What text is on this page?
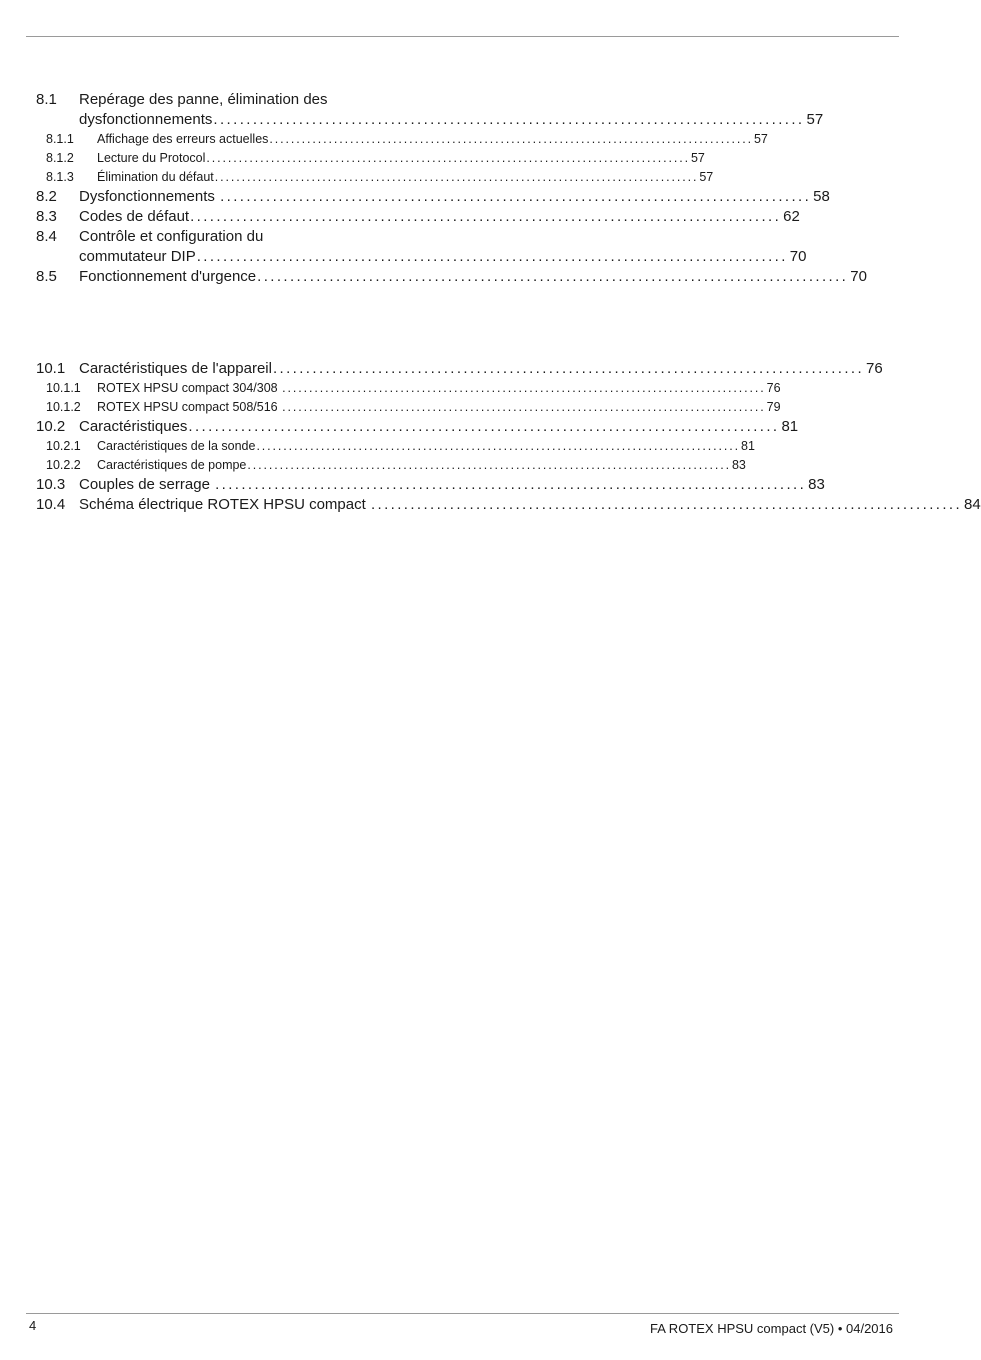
8.1 Repérage des panne, élimination des
dysfonctionnements .......................................................................................... 57
8.1.1 Affichage des erreurs actuelles .......................................................................................... 57
8.1.2 Lecture du Protocol .......................................................................................... 57
8.1.3 Élimination du défaut .......................................................................................... 57
8.2 Dysfonctionnements .......................................................................................... 58
8.3 Codes de défaut .......................................................................................... 62
8.4 Contrôle et configuration du
commutateur DIP .......................................................................................... 70
8.5 Fonctionnement d'urgence .......................................................................................... 70
10.1 Caractéristiques de l'appareil .......................................................................................... 76
10.1.1 ROTEX HPSU compact 304/308 .......................................................................................... 76
10.1.2 ROTEX HPSU compact 508/516 .......................................................................................... 79
10.2 Caractéristiques .......................................................................................... 81
10.2.1 Caractéristiques de la sonde .......................................................................................... 81
10.2.2 Caractéristiques de pompe .......................................................................................... 83
10.3 Couples de serrage .......................................................................................... 83
10.4 Schéma électrique ROTEX HPSU compact .......................................................................................... 84
4	FA ROTEX HPSU compact (V5) • 04/2016
